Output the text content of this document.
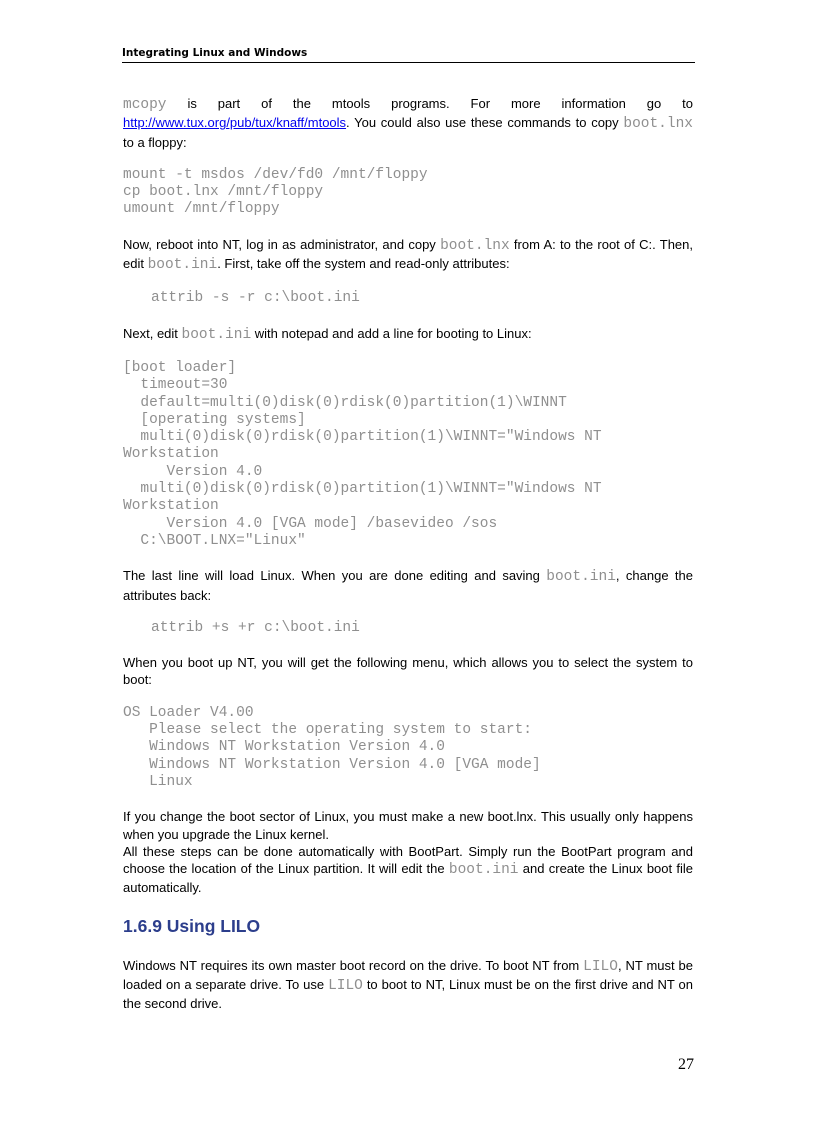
Integrating Linux and Windows

mcopy is part of the mtools programs. For more information go to http://www.tux.org/pub/tux/knaff/mtools. You could also use these commands to copy boot.lnx to a floppy:

mount -t msdos /dev/fd0 /mnt/floppy
cp boot.lnx /mnt/floppy
umount /mnt/floppy

Now, reboot into NT, log in as administrator, and copy boot.lnx from A: to the root of C:. Then, edit boot.ini. First, take off the system and read-only attributes:

attrib -s -r c:\boot.ini

Next, edit boot.ini with notepad and add a line for booting to Linux:

[boot loader]
timeout=30
default=multi(0)disk(0)rdisk(0)partition(1)\WINNT
[operating systems]
multi(0)disk(0)rdisk(0)partition(1)\WINNT="Windows NT
Workstation
Version 4.0
multi(0)disk(0)rdisk(0)partition(1)\WINNT="Windows NT
Workstation
Version 4.0 [VGA mode] /basevideo /sos
C:\BOOT.LNX="Linux"

The last line will load Linux. When you are done editing and saving boot.ini, change the attributes back:

attrib +s +r c:\boot.ini

When you boot up NT, you will get the following menu, which allows you to select the system to boot:

OS Loader V4.00
Please select the operating system to start:
Windows NT Workstation Version 4.0
Windows NT Workstation Version 4.0 [VGA mode]
Linux

If you change the boot sector of Linux, you must make a new boot.lnx. This usually only happens when you upgrade the Linux kernel.

All these steps can be done automatically with BootPart. Simply run the BootPart program and choose the location of the Linux partition. It will edit the boot.ini and create the Linux boot file automatically.

1.6.9 Using LILO

Windows NT requires its own master boot record on the drive. To boot NT from LILO, NT must be loaded on a separate drive. To use LILO to boot to NT, Linux must be on the first drive and NT on the second drive.

27
